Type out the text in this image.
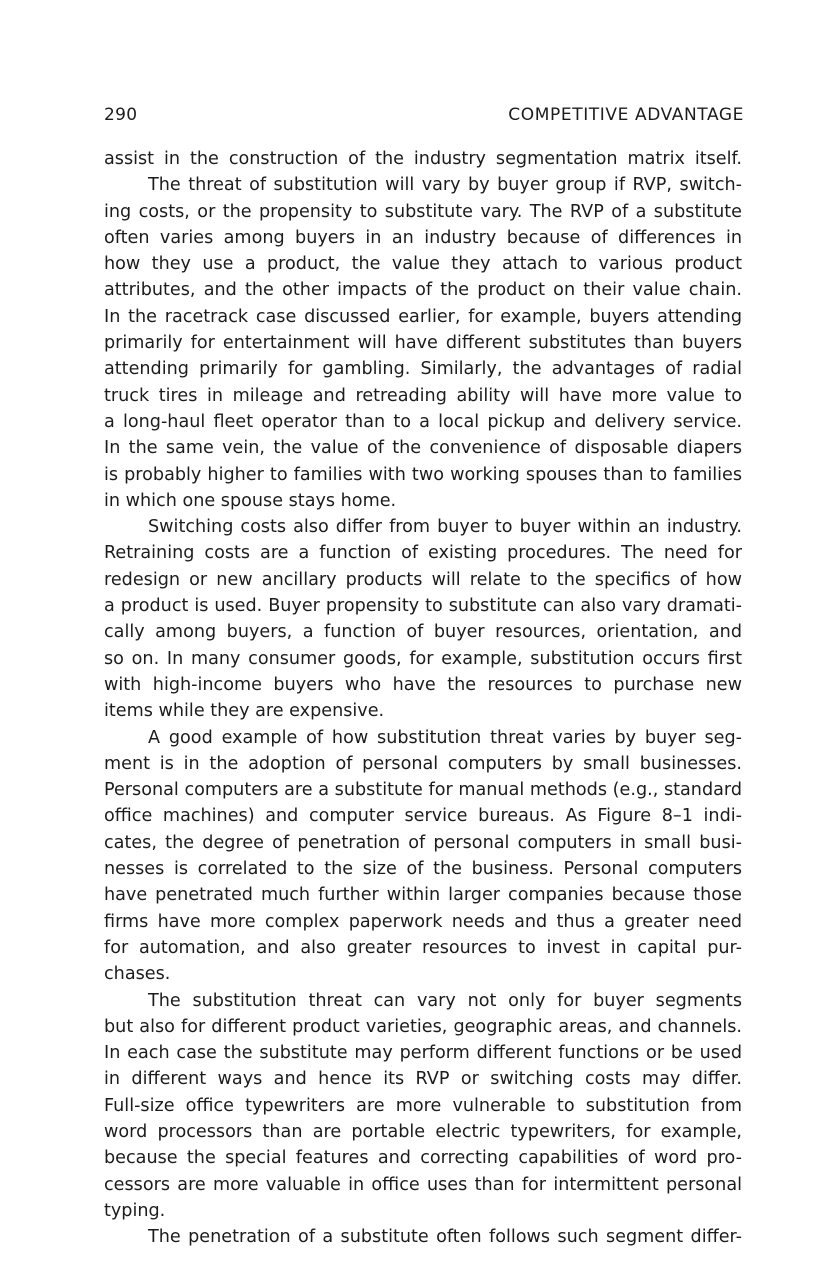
290	COMPETITIVE ADVANTAGE
assist in the construction of the industry segmentation matrix itself.
The threat of substitution will vary by buyer group if RVP, switch-
ing costs, or the propensity to substitute vary. The RVP of a substitute
often varies among buyers in an industry because of differences in
how they use a product, the value they attach to various product
attributes, and the other impacts of the product on their value chain.
In the racetrack case discussed earlier, for example, buyers attending
primarily for entertainment will have different substitutes than buyers
attending primarily for gambling. Similarly, the advantages of radial
truck tires in mileage and retreading ability will have more value to
a long-haul fleet operator than to a local pickup and delivery service.
In the same vein, the value of the convenience of disposable diapers
is probably higher to families with two working spouses than to families
in which one spouse stays home.
Switching costs also differ from buyer to buyer within an industry.
Retraining costs are a function of existing procedures. The need for
redesign or new ancillary products will relate to the specifics of how
a product is used. Buyer propensity to substitute can also vary dramati-
cally among buyers, a function of buyer resources, orientation, and
so on. In many consumer goods, for example, substitution occurs first
with high-income buyers who have the resources to purchase new
items while they are expensive.
A good example of how substitution threat varies by buyer seg-
ment is in the adoption of personal computers by small businesses.
Personal computers are a substitute for manual methods (e.g., standard
office machines) and computer service bureaus. As Figure 8–1 indi-
cates, the degree of penetration of personal computers in small busi-
nesses is correlated to the size of the business. Personal computers
have penetrated much further within larger companies because those
firms have more complex paperwork needs and thus a greater need
for automation, and also greater resources to invest in capital pur-
chases.
The substitution threat can vary not only for buyer segments
but also for different product varieties, geographic areas, and channels.
In each case the substitute may perform different functions or be used
in different ways and hence its RVP or switching costs may differ.
Full-size office typewriters are more vulnerable to substitution from
word processors than are portable electric typewriters, for example,
because the special features and correcting capabilities of word pro-
cessors are more valuable in office uses than for intermittent personal
typing.
The penetration of a substitute often follows such segment differ-
